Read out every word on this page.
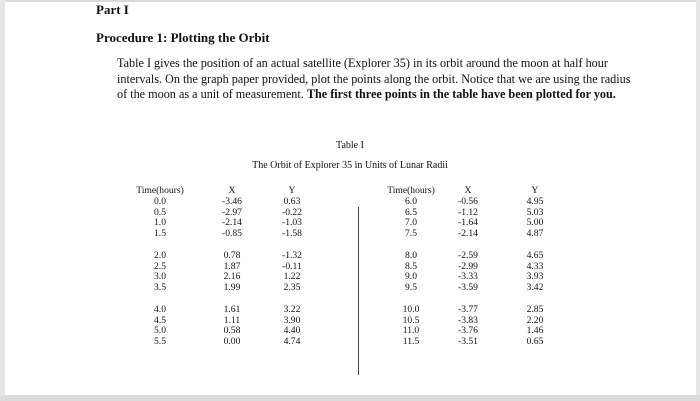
Part I
Procedure 1: Plotting the Orbit

Table I gives the position of an actual satellite (Explorer 35) in its orbit around the moon at half hour intervals. On the graph paper provided, plot the points along the orbit. Notice that we are using the radius of the moon as a unit of measurement. The first three points in the table have been plotted for you.

Table I
The Orbit of Explorer 35 in Units of Lunar Radii
Time(hours)
0.0
0.5
1.0
1.5
2.0
2.5
3.0
3.5
4.0
4.5
5.0
5.5
X
-3.46
-2.97
-2.14
-0.85
0.78
1.87
2.16
1.99
1.61
1.11
0.58
0.00
Y
0.63
-0.22
-1.03
-1.58
-1.32
-0.11
1.22
2.35
3.22
3.90
4.40
4.74
Time(hours)
6.0
6.5
7.0
7.5
8.0
8.5
9.0
9.5
10.0
10.5
11.0
11.5
X
-0.56
-1.12
-1.64
-2.14
-2.59
-2.99
-3.33
-3.59
-3.77
-3.83
-3.76
-3.51
Y
4.95
5.03
5.00
4.87
4.65
4.33
3.93
3.42
2.85
2.20
1.46
0.65
